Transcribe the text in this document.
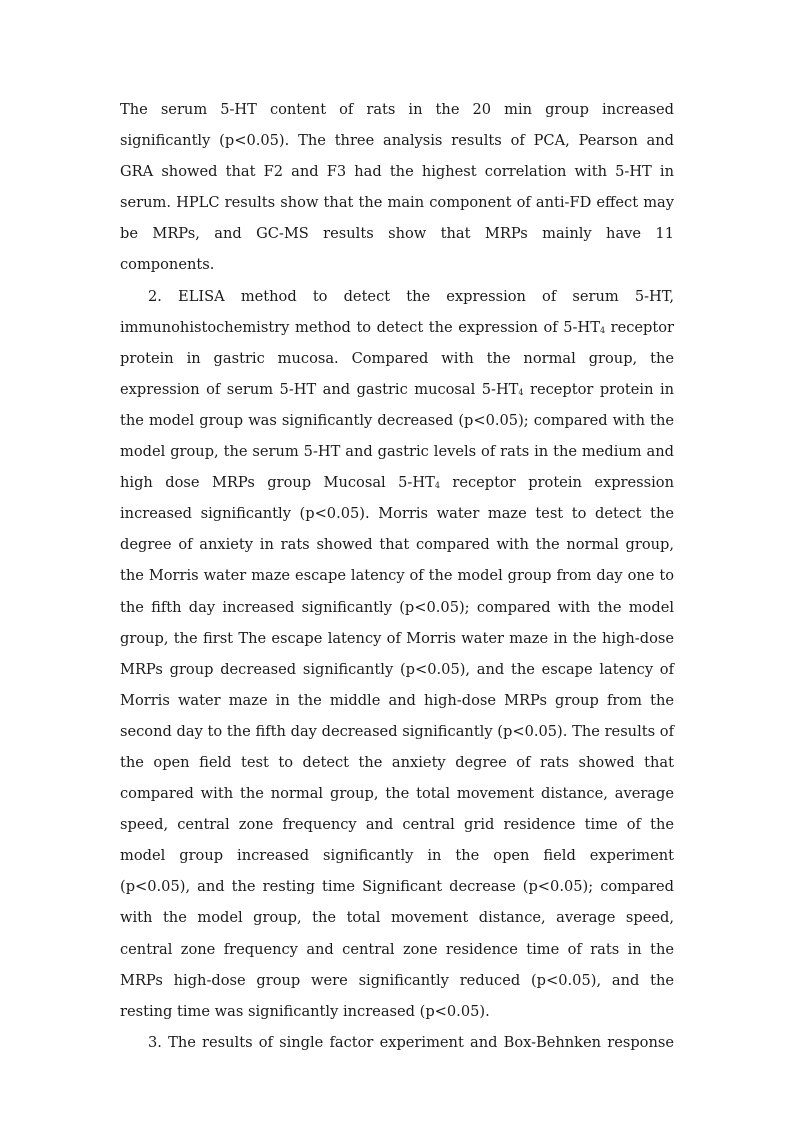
The serum 5-HT content of rats in the 20 min group increased significantly (p<0.05). The three analysis results of PCA, Pearson and GRA showed that F2 and F3 had the highest correlation with 5-HT in serum. HPLC results show that the main component of anti-FD effect may be MRPs, and GC-MS results show that MRPs mainly have 11 components.

2. ELISA method to detect the expression of serum 5-HT, immunohistochemistry method to detect the expression of $5-HT_4$ receptor protein in gastric mucosa. Compared with the normal group, the expression of serum 5-HT and gastric mucosal $5-HT_4$ receptor protein in the model group was significantly decreased (p<0.05); compared with the model group, the serum 5-HT and gastric levels of rats in the medium and high dose MRPs group Mucosal $5-HT_4$ receptor protein expression increased significantly (p<0.05). Morris water maze test to detect the degree of anxiety in rats showed that compared with the normal group, the Morris water maze escape latency of the model group from day one to the fifth day increased significantly (p<0.05); compared with the model group, the first The escape latency of Morris water maze in the high-dose MRPs group decreased significantly (p<0.05), and the escape latency of Morris water maze in the middle and high-dose MRPs group from the second day to the fifth day decreased significantly (p<0.05). The results of the open field test to detect the anxiety degree of rats showed that compared with the normal group, the total movement distance, average speed, central zone frequency and central grid residence time of the model group increased significantly in the open field experiment (p<0.05), and the resting time Significant decrease (p<0.05); compared with the model group, the total movement distance, average speed, central zone frequency and central zone residence time of rats in the MRPs high-dose group were significantly reduced (p<0.05), and the resting time was significantly increased (p<0.05).

3. The results of single factor experiment and Box-Behnken response
